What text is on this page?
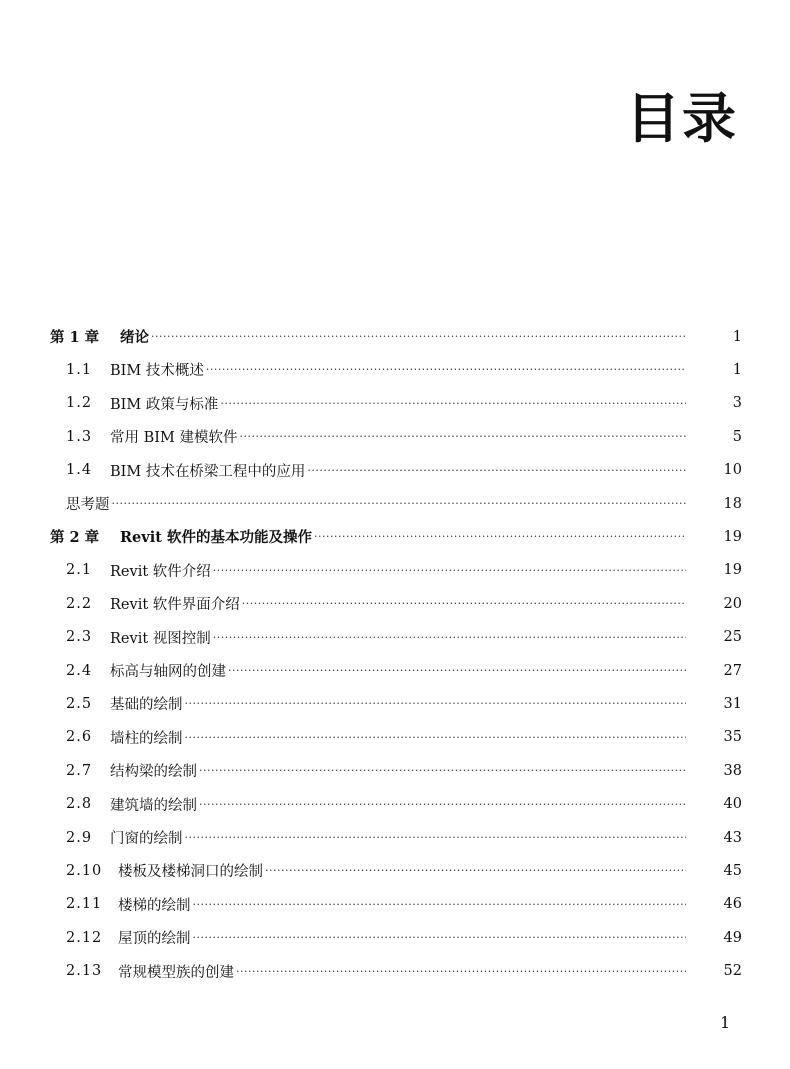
目录
第 1 章	绪论 ·····	1
1.1	BIM 技术概述 ·····	1
1.2	BIM 政策与标准 ·····	3
1.3	常用 BIM 建模软件 ·····	5
1.4	BIM 技术在桥梁工程中的应用 ·····	10
思考题 ·····	18
第 2 章	Revit 软件的基本功能及操作 ·····	19
2.1	Revit 软件介绍 ·····	19
2.2	Revit 软件界面介绍 ·····	20
2.3	Revit 视图控制 ·····	25
2.4	标高与轴网的创建 ·····	27
2.5	基础的绘制 ·····	31
2.6	墙柱的绘制 ·····	35
2.7	结构梁的绘制 ·····	38
2.8	建筑墙的绘制 ·····	40
2.9	门窗的绘制 ·····	43
2.10	楼板及楼梯洞口的绘制 ·····	45
2.11	楼梯的绘制 ·····	46
2.12	屋顶的绘制 ·····	49
2.13	常规模型族的创建 ·····	52
1
